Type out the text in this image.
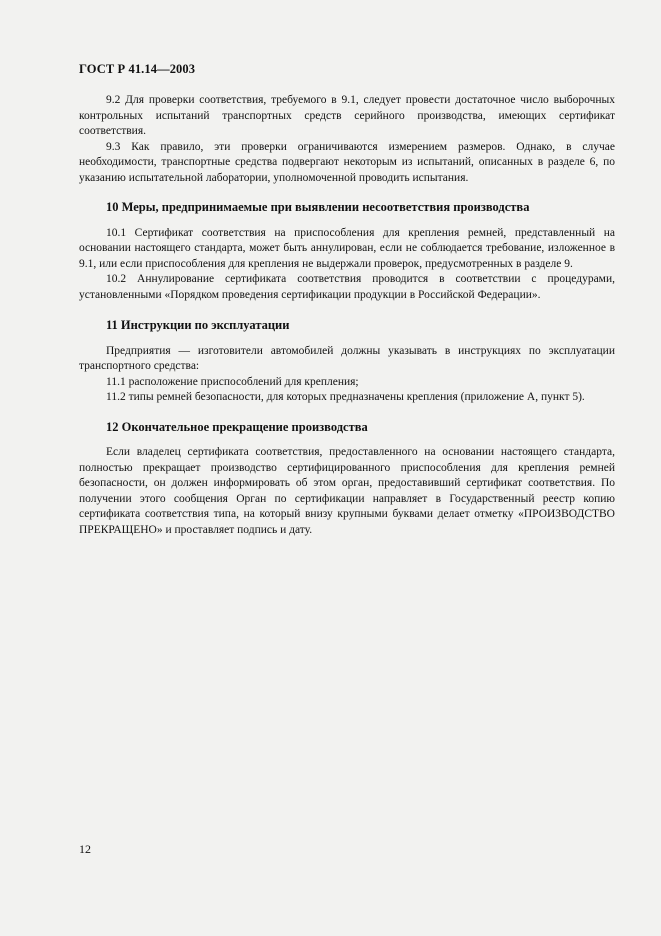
ГОСТ Р 41.14—2003

9.2 Для проверки соответствия, требуемого в 9.1, следует провести достаточное число выборочных контрольных испытаний транспортных средств серийного производства, имеющих сертификат соответствия.

9.3 Как правило, эти проверки ограничиваются измерением размеров. Однако, в случае необходимости, транспортные средства подвергают некоторым из испытаний, описанных в разделе 6, по указанию испытательной лаборатории, уполномоченной проводить испытания.

10 Меры, предпринимаемые при выявлении несоответствия производства

10.1 Сертификат соответствия на приспособления для крепления ремней, представленный на основании настоящего стандарта, может быть аннулирован, если не соблюдается требование, изложенное в 9.1, или если приспособления для крепления не выдержали проверок, предусмотренных в разделе 9.

10.2 Аннулирование сертификата соответствия проводится в соответствии с процедурами, установленными «Порядком проведения сертификации продукции в Российской Федерации».

11 Инструкции по эксплуатации

Предприятия — изготовители автомобилей должны указывать в инструкциях по эксплуатации транспортного средства:

11.1 расположение приспособлений для крепления;

11.2 типы ремней безопасности, для которых предназначены крепления (приложение А, пункт 5).

12 Окончательное прекращение производства

Если владелец сертификата соответствия, предоставленного на основании настоящего стандарта, полностью прекращает производство сертифицированного приспособления для крепления ремней безопасности, он должен информировать об этом орган, предоставивший сертификат соответствия. По получении этого сообщения Орган по сертификации направляет в Государственный реестр копию сертификата соответствия типа, на который внизу крупными буквами делает отметку «ПРОИЗВОДСТВО ПРЕКРАЩЕНО» и проставляет подпись и дату.

12
